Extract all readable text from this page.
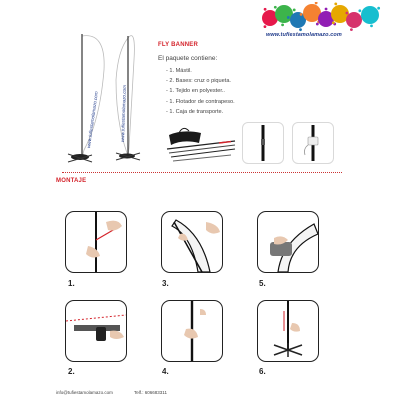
www.tufiestamolamazo.com
www.tufiestamolamazo.com	www.tufiestamolamazo.com
FLY BANNER
El paquete contiene:
- 1. Mástil.
- 2. Bases: cruz o piqueta.
- 1. Tejido en polyester..
- 1. Flotador de contrapeso.
- 1. Caja de transporte.
MONTAJE
1.	3.	5.
2.	4.	6.
info@tufiestamolamazo.com	Telf.: 606683311
